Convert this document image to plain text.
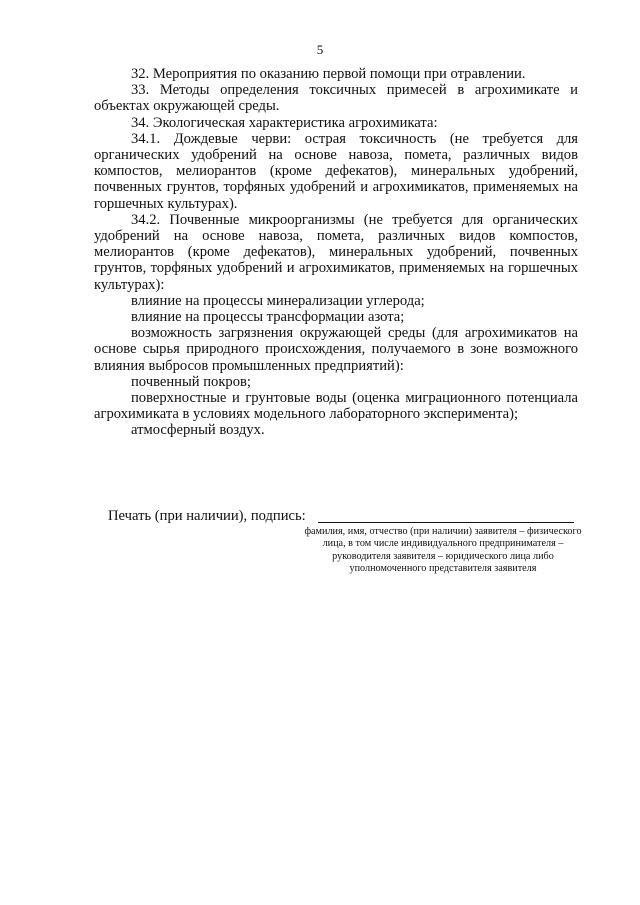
5

32. Мероприятия по оказанию первой помощи при отравлении.

33. Методы определения токсичных примесей в агрохимикате и объектах окружающей среды.

34. Экологическая характеристика агрохимиката:

34.1. Дождевые черви: острая токсичность (не требуется для органических удобрений на основе навоза, помета, различных видов компостов, мелиорантов (кроме дефекатов), минеральных удобрений, почвенных грунтов, торфяных удобрений и агрохимикатов, применяемых на горшечных культурах).

34.2. Почвенные микроорганизмы (не требуется для органических удобрений на основе навоза, помета, различных видов компостов, мелиорантов (кроме дефекатов), минеральных удобрений, почвенных грунтов, торфяных удобрений и агрохимикатов, применяемых на горшечных культурах):

влияние на процессы минерализации углерода;

влияние на процессы трансформации азота;

возможность загрязнения окружающей среды (для агрохимикатов на основе сырья природного происхождения, получаемого в зоне возможного влияния выбросов промышленных предприятий):

почвенный покров;

поверхностные и грунтовые воды (оценка миграционного потенциала агрохимиката в условиях модельного лабораторного эксперимента);

атмосферный воздух.

Печать (при наличии), подпись:
фамилия, имя, отчество (при наличии) заявителя – физического лица, в том числе индивидуального предпринимателя – руководителя заявителя – юридического лица либо уполномоченного представителя заявителя
